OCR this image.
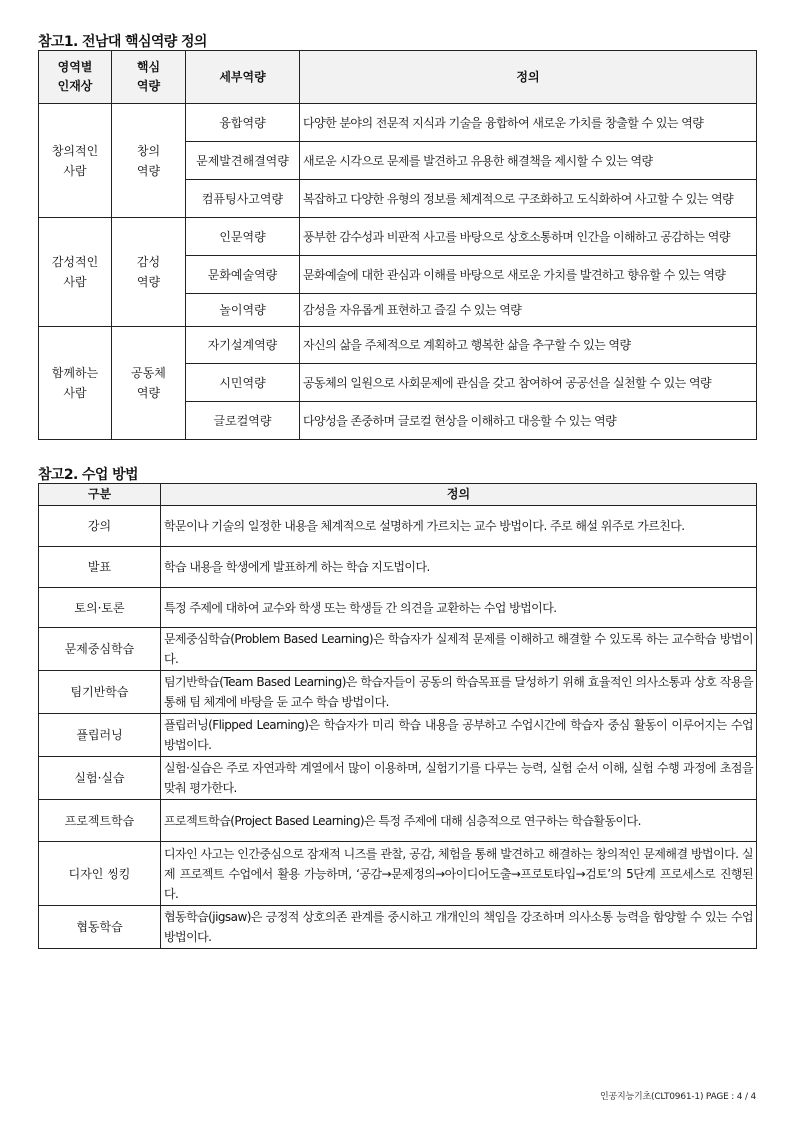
참고1. 전남대 핵심역량 정의
영역별 인재상	핵심 역량	세부역량	정의
창의적인 사람	창의 역량	융합역량	다양한 분야의 전문적 지식과 기술을 융합하여 새로운 가치를 창출할 수 있는 역량
		문제발견해결역량	새로운 시각으로 문제를 발견하고 유용한 해결책을 제시할 수 있는 역량
		컴퓨팅사고역량	복잡하고 다양한 유형의 정보를 체계적으로 구조화하고 도식화하여 사고할 수 있는 역량
감성적인 사람	감성 역량	인문역량	풍부한 감수성과 비판적 사고를 바탕으로 상호소통하며 인간을 이해하고 공감하는 역량
		문화예술역량	문화예술에 대한 관심과 이해를 바탕으로 새로운 가치를 발견하고 향유할 수 있는 역량
		놀이역량	감성을 자유롭게 표현하고 즐길 수 있는 역량
함께하는 사람	공동체 역량	자기설계역량	자신의 삶을 주체적으로 계획하고 행복한 삶을 추구할 수 있는 역량
		시민역량	공동체의 일원으로 사회문제에 관심을 갖고 참여하여 공공선을 실천할 수 있는 역량
		글로컬역량	다양성을 존중하며 글로컬 현상을 이해하고 대응할 수 있는 역량
참고2. 수업 방법
구분	정의
강의	학문이나 기술의 일정한 내용을 체계적으로 설명하게 가르치는 교수 방법이다. 주로 해설 위주로 가르친다.
발표	학습 내용을 학생에게 발표하게 하는 학습 지도법이다.
토의·토론	특정 주제에 대하여 교수와 학생 또는 학생들 간 의견을 교환하는 수업 방법이다.
문제중심학습	문제중심학습(Problem Based Learning)은 학습자가 실제적 문제를 이해하고 해결할 수 있도록 하는 교수학습 방법이다.
팀기반학습	팀기반학습(Team Based Learning)은 학습자들이 공동의 학습목표를 달성하기 위해 효율적인 의사소통과 상호 작용을 통해 팀 체계에 바탕을 둔 교수 학습 방법이다.
플립러닝	플립러닝(Flipped Learning)은 학습자가 미리 학습 내용을 공부하고 수업시간에 학습자 중심 활동이 이루어지는 수업 방법이다.
실험·실습	실험·실습은 주로 자연과학 계열에서 많이 이용하며, 실험기기를 다루는 능력, 실험 순서 이해, 실험 수행 과정에 초점을 맞춰 평가한다.
프로젝트학습	프로젝트학습(Project Based Learning)은 특정 주제에 대해 심층적으로 연구하는 학습활동이다.
디자인 씽킹	디자인 사고는 인간중심으로 잠재적 니즈를 관찰, 공감, 체험을 통해 발견하고 해결하는 창의적인 문제해결 방법이다. 실제 프로젝트 수업에서 활용 가능하며, ‘공감→문제정의→아이디어도출→프로토타입→검토’의 5단계 프로세스로 진행된다.
협동학습	협동학습(jigsaw)은 긍정적 상호의존 관계를 중시하고 개개인의 책임을 강조하며 의사소통 능력을 함양할 수 있는 수업 방법이다.
인공지능기초(CLT0961-1) PAGE : 4 / 4
